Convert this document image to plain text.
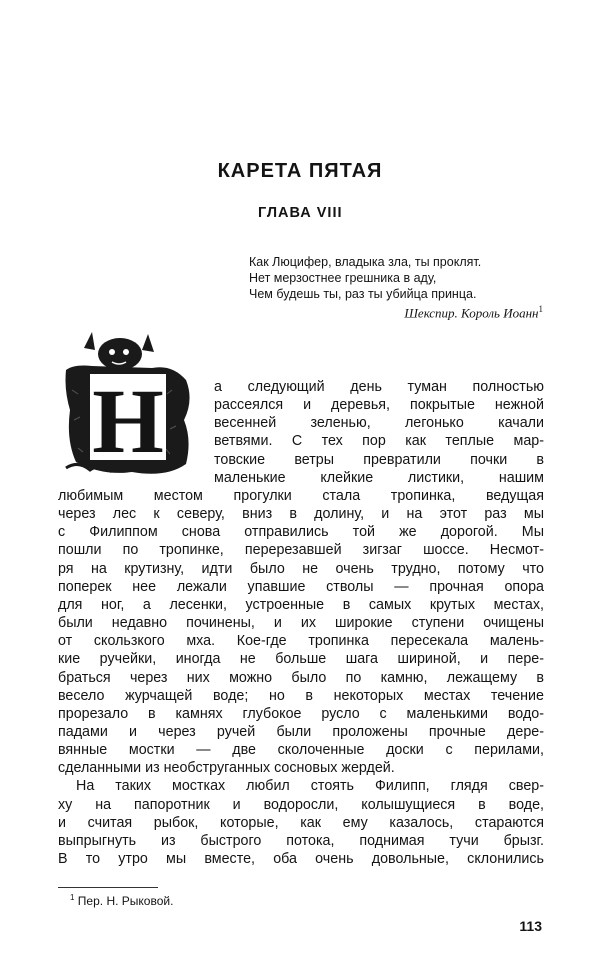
КАРЕТА ПЯТАЯ
ГЛАВА VIII
Как Люцифер, владыка зла, ты проклят.
Нет мерзостнее грешника в аду,
Чем будешь ты, раз ты убийца принца.
Шекспир. Король Иоанн$^1$
Н	а следующий день туман полностью
рассеялся и деревья, покрытые нежной
весенней зеленью, легонько качали
ветвями. С тех пор как теплые мар-
товские ветры превратили почки в
маленькие клейкие листики, нашим
любимым местом прогулки стала тропинка, ведущая
через лес к северу, вниз в долину, и на этот раз мы
с Филиппом снова отправились той же дорогой. Мы
пошли по тропинке, перерезавшей зигзаг шоссе. Несмот-
ря на крутизну, идти было не очень трудно, потому что
поперек нее лежали упавшие стволы — прочная опора
для ног, а лесенки, устроенные в самых крутых местах,
были недавно починены, и их широкие ступени очищены
от скользкого мха. Кое-где тропинка пересекала малень-
кие ручейки, иногда не больше шага шириной, и пере-
браться через них можно было по камню, лежащему в
весело журчащей воде; но в некоторых местах течение
прорезало в камнях глубокое русло с маленькими водо-
падами и через ручей были проложены прочные дере-
вянные мостки — две сколоченные доски с перилами,
сделанными из необструганных сосновых жердей.
На таких мостках любил стоять Филипп, глядя свер-
ху на папоротник и водоросли, колышущиеся в воде,
и считая рыбок, которые, как ему казалось, стараются
выпрыгнуть из быстрого потока, поднимая тучи брызг.
В то утро мы вместе, оба очень довольные, склонились
$^1$ Пер. Н. Рыковой.
113
